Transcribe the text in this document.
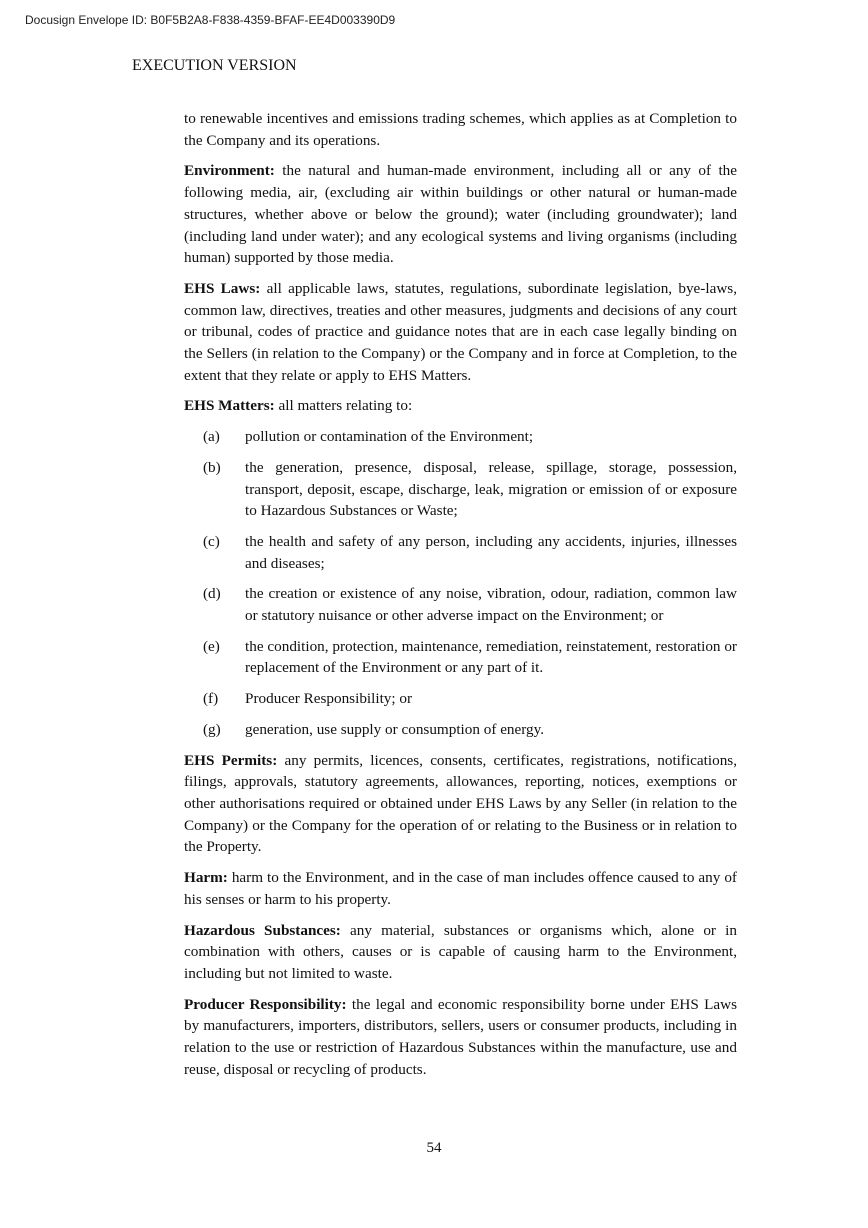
Docusign Envelope ID: B0F5B2A8-F838-4359-BFAF-EE4D003390D9
EXECUTION VERSION

to renewable incentives and emissions trading schemes, which applies as at Completion to the Company and its operations.

Environment: the natural and human-made environment, including all or any of the following media, air, (excluding air within buildings or other natural or human-made structures, whether above or below the ground); water (including groundwater); land (including land under water); and any ecological systems and living organisms (including human) supported by those media.

EHS Laws: all applicable laws, statutes, regulations, subordinate legislation, bye-laws, common law, directives, treaties and other measures, judgments and decisions of any court or tribunal, codes of practice and guidance notes that are in each case legally binding on the Sellers (in relation to the Company) or the Company and in force at Completion, to the extent that they relate or apply to EHS Matters.

EHS Matters: all matters relating to:

(a)	pollution or contamination of the Environment;
(b)	the generation, presence, disposal, release, spillage, storage, possession, transport, deposit, escape, discharge, leak, migration or emission of or exposure to Hazardous Substances or Waste;
(c)	the health and safety of any person, including any accidents, injuries, illnesses and diseases;
(d)	the creation or existence of any noise, vibration, odour, radiation, common law or statutory nuisance or other adverse impact on the Environment; or
(e)	the condition, protection, maintenance, remediation, reinstatement, restoration or replacement of the Environment or any part of it.
(f)	Producer Responsibility; or
(g)	generation, use supply or consumption of energy.

EHS Permits: any permits, licences, consents, certificates, registrations, notifications, filings, approvals, statutory agreements, allowances, reporting, notices, exemptions or other authorisations required or obtained under EHS Laws by any Seller (in relation to the Company) or the Company for the operation of or relating to the Business or in relation to the Property.

Harm: harm to the Environment, and in the case of man includes offence caused to any of his senses or harm to his property.

Hazardous Substances: any material, substances or organisms which, alone or in combination with others, causes or is capable of causing harm to the Environment, including but not limited to waste.

Producer Responsibility: the legal and economic responsibility borne under EHS Laws by manufacturers, importers, distributors, sellers, users or consumer products, including in relation to the use or restriction of Hazardous Substances within the manufacture, use and reuse, disposal or recycling of products.

54
